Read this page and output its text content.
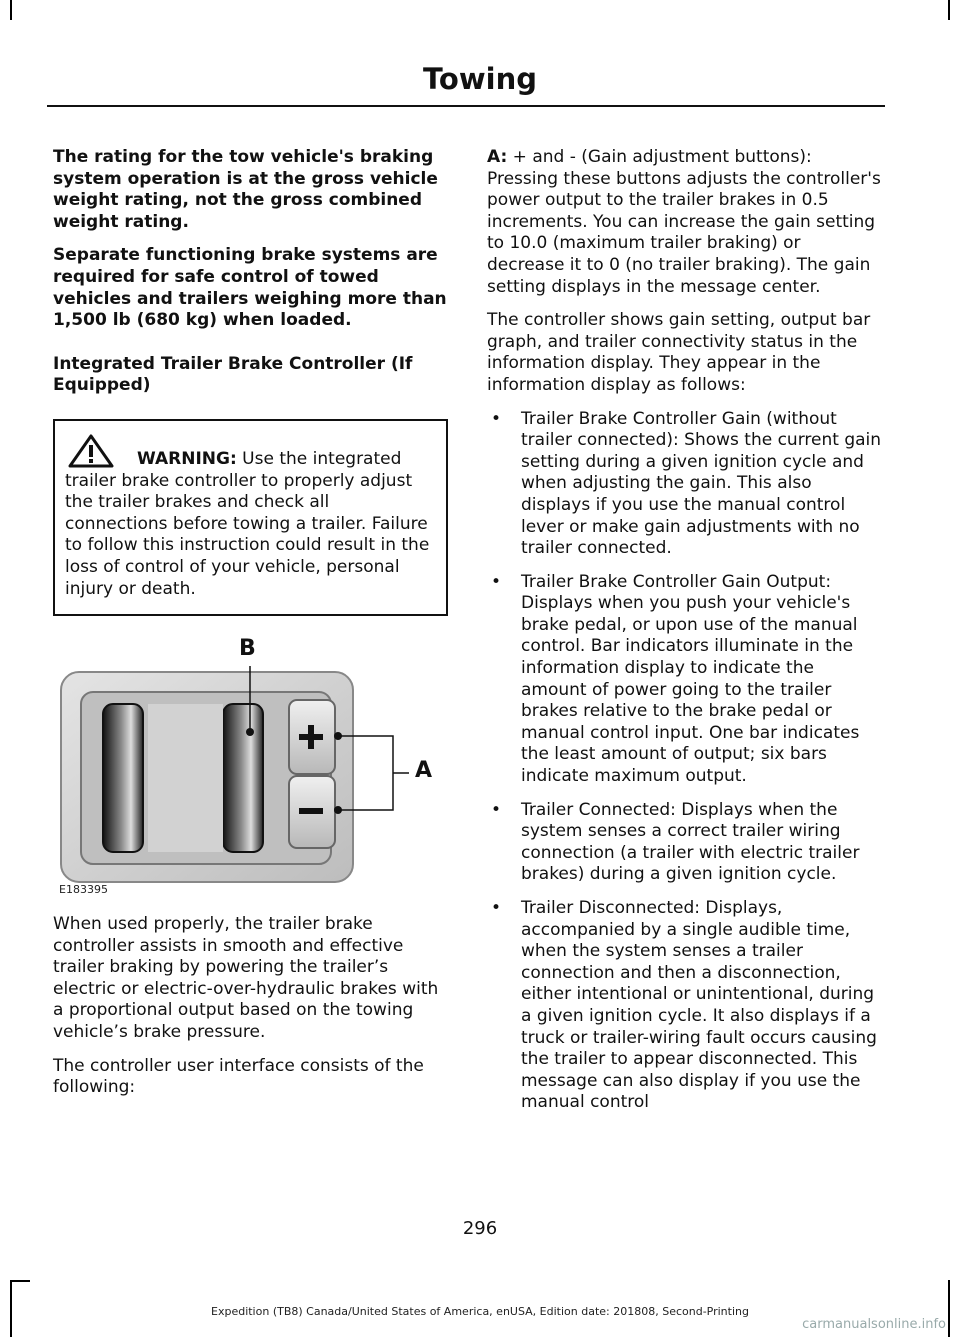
Towing

The rating for the tow vehicle's braking system operation is at the gross vehicle weight rating, not the gross combined weight rating.

Separate functioning brake systems are required for safe control of towed vehicles and trailers weighing more than 1,500 lb (680 kg) when loaded.

Integrated Trailer Brake Controller (If Equipped)

WARNING: Use the integrated trailer brake controller to properly adjust the trailer brakes and check all connections before towing a trailer. Failure to follow this instruction could result in the loss of control of your vehicle, personal injury or death.
B
A
E183395

When used properly, the trailer brake controller assists in smooth and effective trailer braking by powering the trailer’s electric or electric-over-hydraulic brakes with a proportional output based on the towing vehicle’s brake pressure.

The controller user interface consists of the following:

A: + and - (Gain adjustment buttons): Pressing these buttons adjusts the controller's power output to the trailer brakes in 0.5 increments. You can increase the gain setting to 10.0 (maximum trailer braking) or decrease it to 0 (no trailer braking). The gain setting displays in the message center.

The controller shows gain setting, output bar graph, and trailer connectivity status in the information display. They appear in the information display as follows:

• Trailer Brake Controller Gain (without trailer connected): Shows the current gain setting during a given ignition cycle and when adjusting the gain. This also displays if you use the manual control lever or make gain adjustments with no trailer connected.
• Trailer Brake Controller Gain Output: Displays when you push your vehicle's brake pedal, or upon use of the manual control. Bar indicators illuminate in the information display to indicate the amount of power going to the trailer brakes relative to the brake pedal or manual control input. One bar indicates the least amount of output; six bars indicate maximum output.
• Trailer Connected: Displays when the system senses a correct trailer wiring connection (a trailer with electric trailer brakes) during a given ignition cycle.
• Trailer Disconnected: Displays, accompanied by a single audible time, when the system senses a trailer connection and then a disconnection, either intentional or unintentional, during a given ignition cycle. It also displays if a truck or trailer-wiring fault occurs causing the trailer to appear disconnected. This message can also display if you use the manual control
296
Expedition (TB8) Canada/United States of America, enUSA, Edition date: 201808, Second-Printing
carmanualsonline.info
